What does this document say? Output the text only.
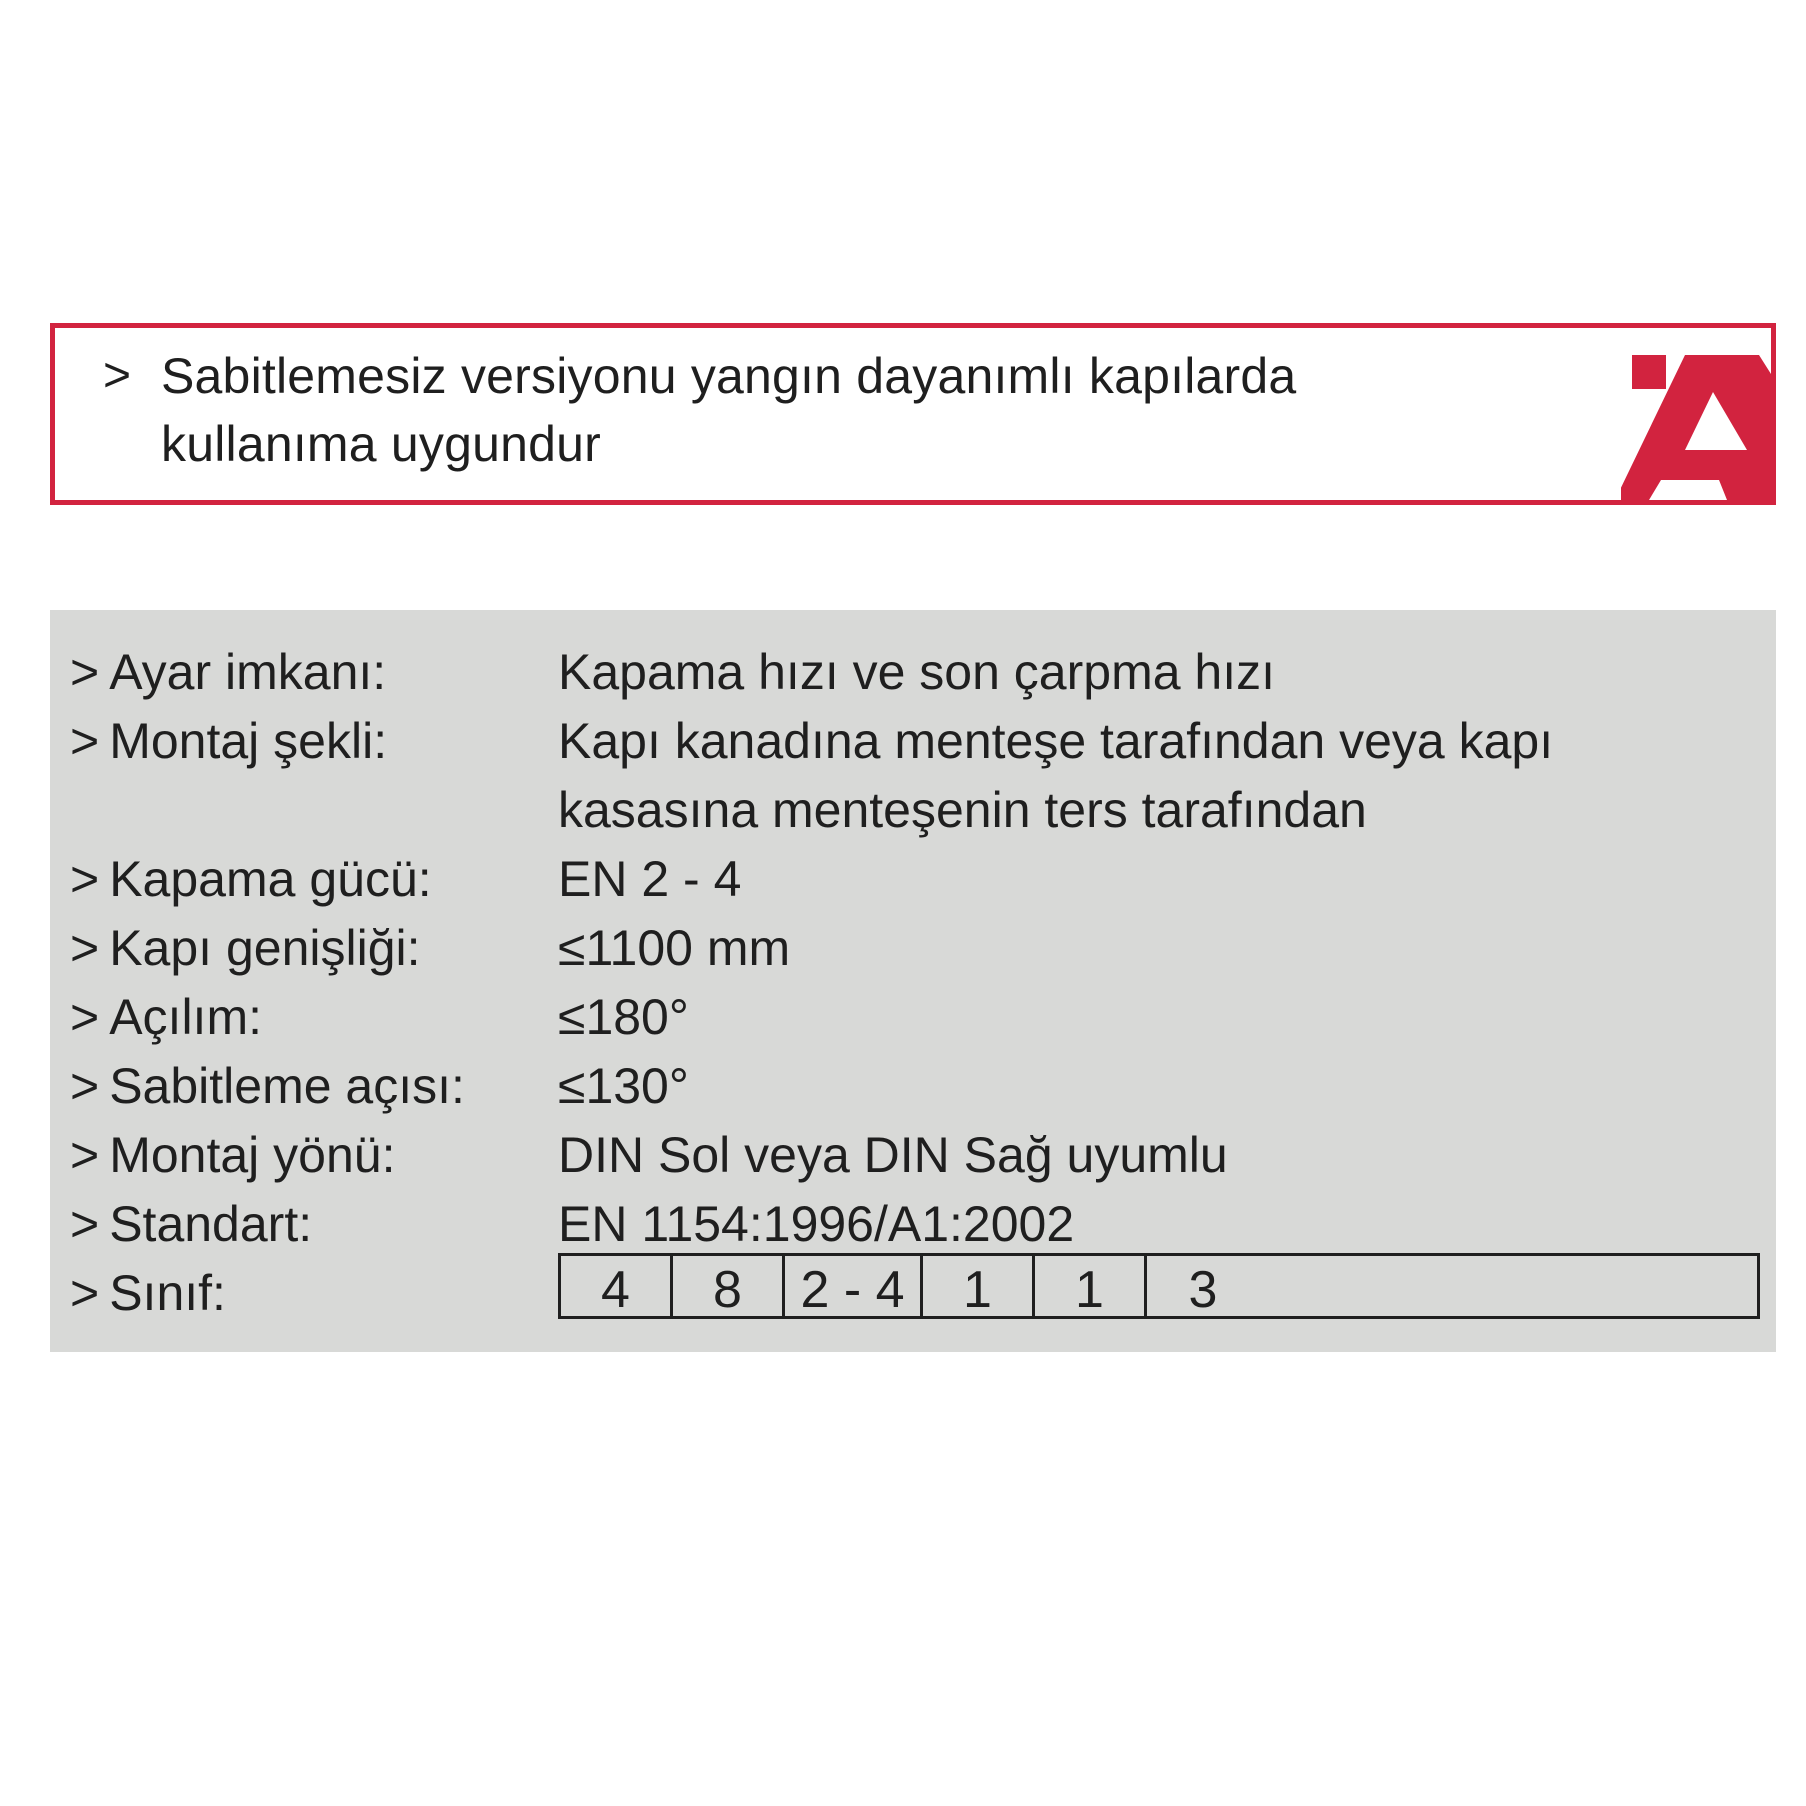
> Sabitlemesiz versiyonu yangın dayanımlı kapılarda
kullanıma uygundur
> Ayar imkanı:	Kapama hızı ve son çarpma hızı
> Montaj şekli:	Kapı kanadına menteşe tarafından veya kapı
kasasına menteşenin ters tarafından
> Kapama gücü:	EN 2 - 4
> Kapı genişliği:	≤1100 mm
> Açılım:	≤180°
> Sabitleme açısı:	≤130°
> Montaj yönü:	DIN Sol veya DIN Sağ uyumlu
> Standart:	EN 1154:1996/A1:2002
> Sınıf:	4	8	2 - 4	1	1	3
